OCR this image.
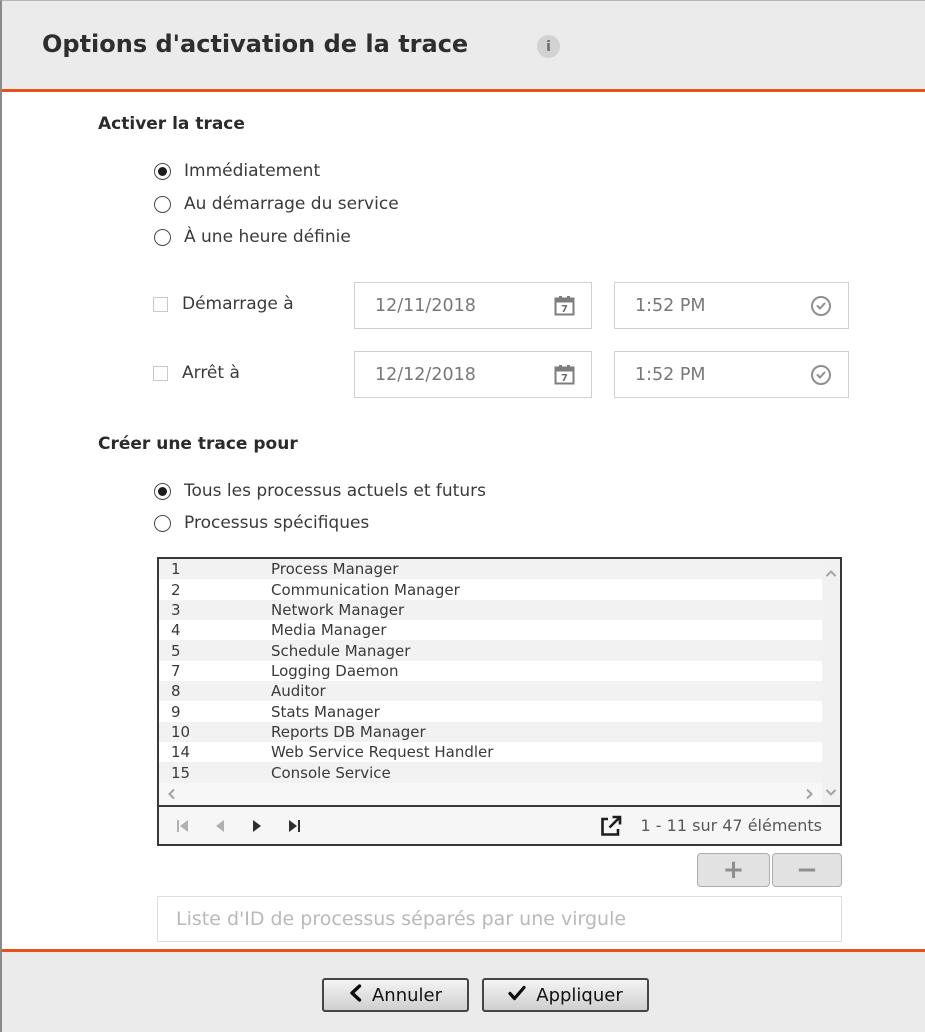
Options d'activation de la trace	i
Activer la trace
Immédiatement
Au démarrage du service
À une heure définie
Démarrage à	12/11/2018	7	1:52 PM
Arrêt à	12/12/2018	7	1:52 PM
Créer une trace pour
Tous les processus actuels et futurs
Processus spécifiques
1	Process Manager
2	Communication Manager
3	Network Manager
4	Media Manager
5	Schedule Manager
7	Logging Daemon
8	Auditor
9	Stats Manager
10	Reports DB Manager
14	Web Service Request Handler
15	Console Service
1 - 11 sur 47 éléments
+	−
Liste d'ID de processus séparés par une virgule
Annuler	Appliquer
